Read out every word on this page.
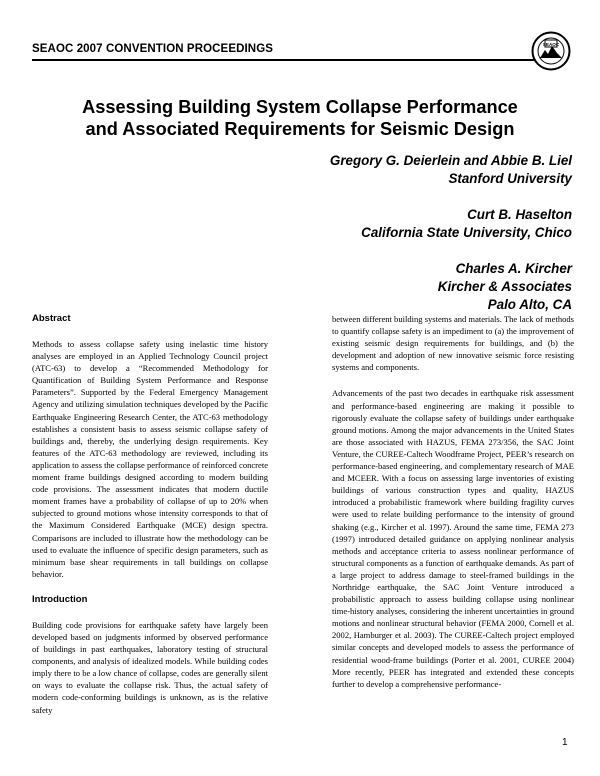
SEAOC 2007 CONVENTION PROCEEDINGS	SEAOC
Assessing Building System Collapse Performance
and Associated Requirements for Seismic Design
Gregory G. Deierlein and Abbie B. Liel
Stanford University
Curt B. Haselton
California State University, Chico
Charles A. Kircher
Kircher & Associates
Palo Alto, CA
Abstract

Methods to assess collapse safety using inelastic time history analyses are employed in an Applied Technology Council project (ATC-63) to develop a “Recommended Methodology for Quantification of Building System Performance and Response Parameters”. Supported by the Federal Emergency Management Agency and utilizing simulation techniques developed by the Pacific Earthquake Engineering Research Center, the ATC-63 methodology establishes a consistent basis to assess seismic collapse safety of buildings and, thereby, the underlying design requirements. Key features of the ATC-63 methodology are reviewed, including its application to assess the collapse performance of reinforced concrete moment frame buildings designed according to modern building code provisions. The assessment indicates that modern ductile moment frames have a probability of collapse of up to 20% when subjected to ground motions whose intensity corresponds to that of the Maximum Considered Earthquake (MCE) design spectra. Comparisons are included to illustrate how the methodology can be used to evaluate the influence of specific design parameters, such as minimum base shear requirements in tall buildings on collapse behavior.

Introduction

Building code provisions for earthquake safety have largely been developed based on judgments informed by observed performance of buildings in past earthquakes, laboratory testing of structural components, and analysis of idealized models. While building codes imply there to be a low chance of collapse, codes are generally silent on ways to evaluate the collapse risk. Thus, the actual safety of modern code-conforming buildings is unknown, as is the relative safety

between different building systems and materials. The lack of methods to quantify collapse safety is an impediment to (a) the improvement of existing seismic design requirements for buildings, and (b) the development and adoption of new innovative seismic force resisting systems and components.

Advancements of the past two decades in earthquake risk assessment and performance-based engineering are making it possible to rigorously evaluate the collapse safety of buildings under earthquake ground motions. Among the major advancements in the United States are those associated with HAZUS, FEMA 273/356, the SAC Joint Venture, the CUREE-Caltech Woodframe Project, PEER’s research on performance-based engineering, and complementary research of MAE and MCEER. With a focus on assessing large inventories of existing buildings of various construction types and quality, HAZUS introduced a probabilistic framework where building fragility curves were used to relate building performance to the intensity of ground shaking (e.g., Kircher et al. 1997). Around the same time, FEMA 273 (1997) introduced detailed guidance on applying nonlinear analysis methods and acceptance criteria to assess nonlinear performance of structural components as a function of earthquake demands. As part of a large project to address damage to steel-framed buildings in the Northridge earthquake, the SAC Joint Venture introduced a probabilistic approach to assess building collapse using nonlinear time-history analyses, considering the inherent uncertainties in ground motions and nonlinear structural behavior (FEMA 2000, Cornell et al. 2002, Hamburger et al. 2003). The CUREE-Caltech project employed similar concepts and developed models to assess the performance of residential wood-frame buildings (Porter et al. 2001, CUREE 2004) More recently, PEER has integrated and extended these concepts further to develop a comprehensive performance-

1
